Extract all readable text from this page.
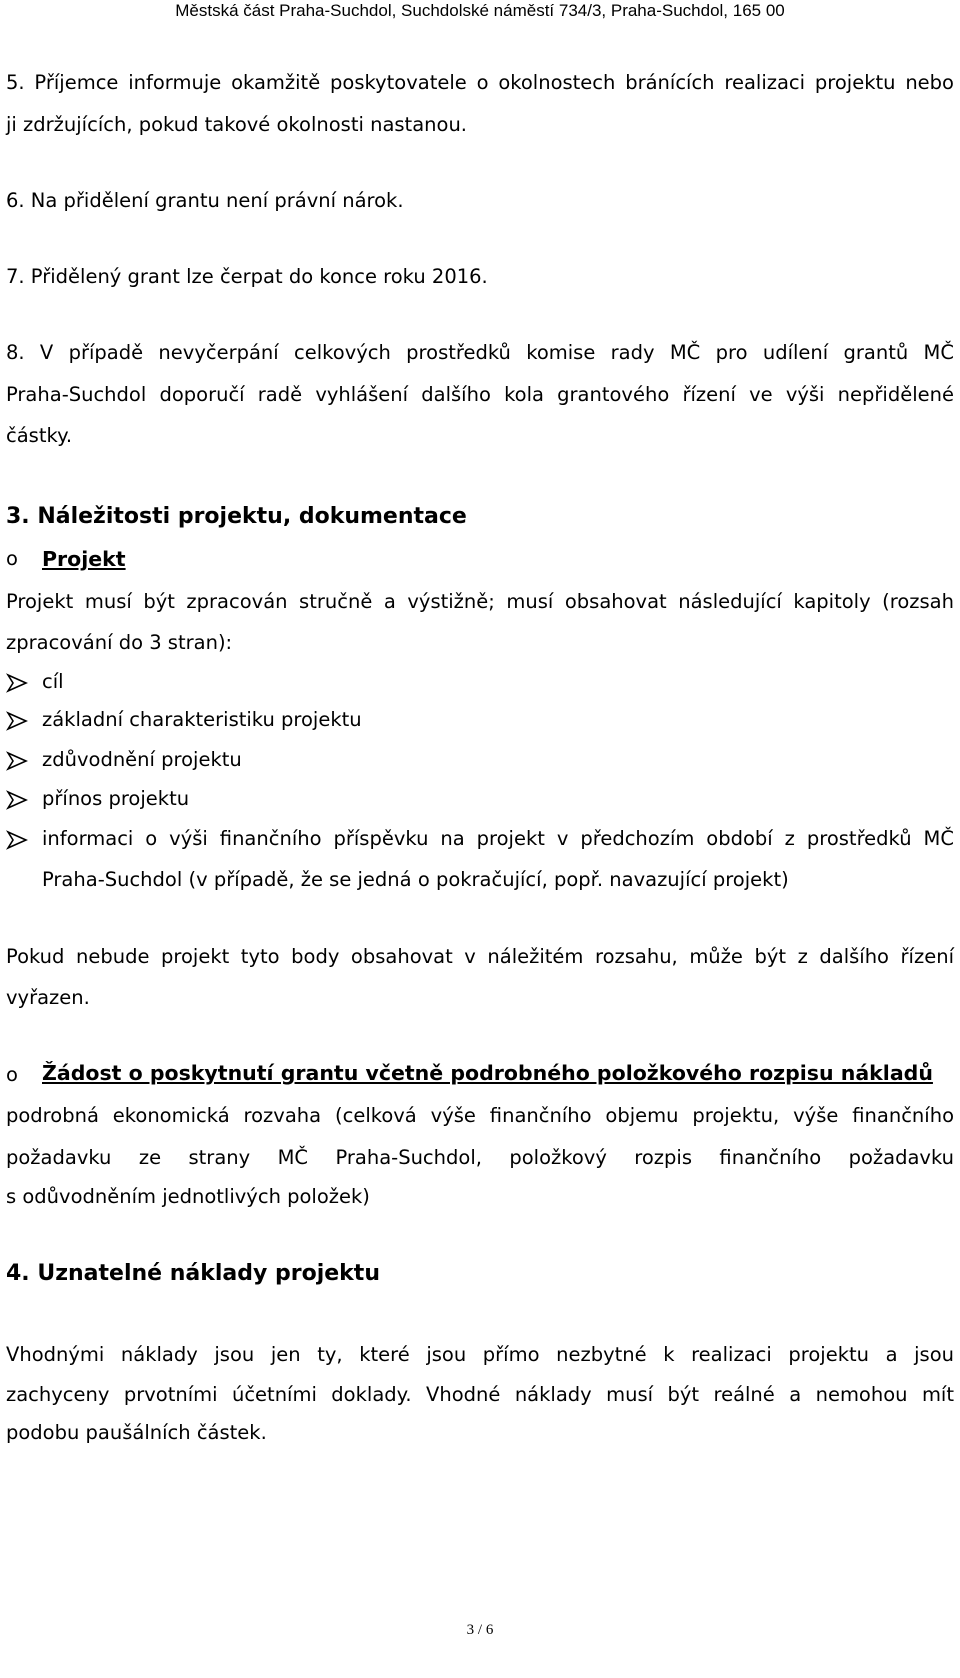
Městská část Praha-Suchdol, Suchdolské náměstí 734/3, Praha-Suchdol, 165 00
5. Příjemce informuje okamžitě poskytovatele o okolnostech bránících realizaci projektu nebo
ji zdržujících, pokud takové okolnosti nastanou.
6. Na přidělení grantu není právní nárok.
7. Přidělený grant lze čerpat do konce roku 2016.
8. V případě nevyčerpání celkových prostředků komise rady MČ pro udílení grantů MČ
Praha-Suchdol doporučí radě vyhlášení dalšího kola grantového řízení ve výši nepřidělené
částky.
3. Náležitosti projektu, dokumentace
o Projekt
Projekt musí být zpracován stručně a výstižně; musí obsahovat následující kapitoly (rozsah
zpracování do 3 stran):
cíl
základní charakteristiku projektu
zdůvodnění projektu
přínos projektu
informaci o výši finančního příspěvku na projekt v předchozím období z prostředků MČ
Praha-Suchdol (v případě, že se jedná o pokračující, popř. navazující projekt)
Pokud nebude projekt tyto body obsahovat v náležitém rozsahu, může být z dalšího řízení
vyřazen.
o Žádost o poskytnutí grantu včetně podrobného položkového rozpisu nákladů
podrobná ekonomická rozvaha (celková výše finančního objemu projektu, výše finančního
požadavku ze strany MČ Praha-Suchdol, položkový rozpis finančního požadavku
s odůvodněním jednotlivých položek)
4. Uznatelné náklady projektu
Vhodnými náklady jsou jen ty, které jsou přímo nezbytné k realizaci projektu a jsou
zachyceny prvotními účetními doklady. Vhodné náklady musí být reálné a nemohou mít
podobu paušálních částek.
3 / 6
